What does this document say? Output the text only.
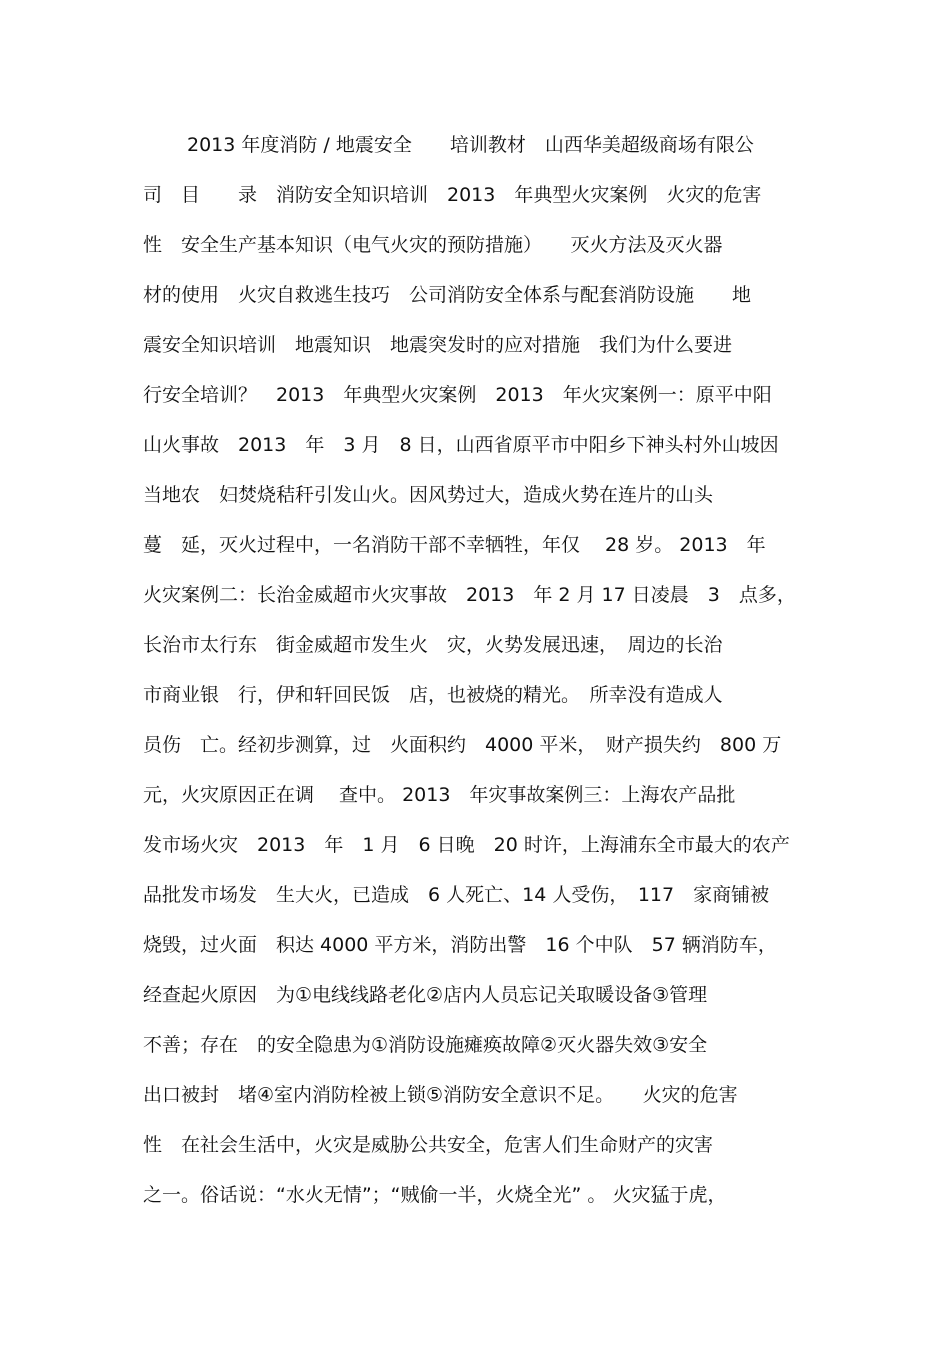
2013 年度消防 / 地震安全　　培训教材　山西华美超级商场有限公
司　目　　录　消防安全知识培训　2013　年典型火灾案例　火灾的危害
性　安全生产基本知识（电气火灾的预防措施）　　灭火方法及灭火器
材的使用　火灾自救逃生技巧　公司消防安全体系与配套消防设施　　地
震安全知识培训　地震知识　地震突发时的应对措施　我们为什么要进
行安全培训？　2013　年典型火灾案例　2013　年火灾案例一：原平中阳
山火事故　2013　年　3 月　8 日，山西省原平市中阳乡下神头村外山坡因
当地农　妇焚烧秸秆引发山火。因风势过大，造成火势在连片的山头
蔓　延，灭火过程中，一名消防干部不幸牺牲，年仅　 28 岁。 2013　年
火灾案例二：长治金威超市火灾事故　2013　年 2 月 17 日凌晨　3　点多，
长治市太行东　街金威超市发生火　灾，火势发展迅速，　周边的长治
市商业银　行，伊和轩回民饭　店，也被烧的精光。　所幸没有造成人
员伤　亡。经初步测算，过　火面积约　4000 平米，　财产损失约　800 万
元，火灾原因正在调　 查中。 2013　年灾事故案例三：上海农产品批
发市场火灾　2013　年　1 月　6 日晚　20 时许，上海浦东全市最大的农产
品批发市场发　生大火，已造成　6 人死亡、14 人受伤，　117　家商铺被
烧毁，过火面　积达 4000 平方米，消防出警　16 个中队　57 辆消防车，
经查起火原因　为①电线线路老化②店内人员忘记关取暖设备③管理
不善；存在　的安全隐患为①消防设施瘫痪故障②灭火器失效③安全
出口被封　堵④室内消防栓被上锁⑤消防安全意识不足。　　火灾的危害
性　在社会生活中，火灾是威胁公共安全，危害人们生命财产的灾害
之一。俗话说：“水火无情”；“贼偷一半，火烧全光” 。 火灾猛于虎，
